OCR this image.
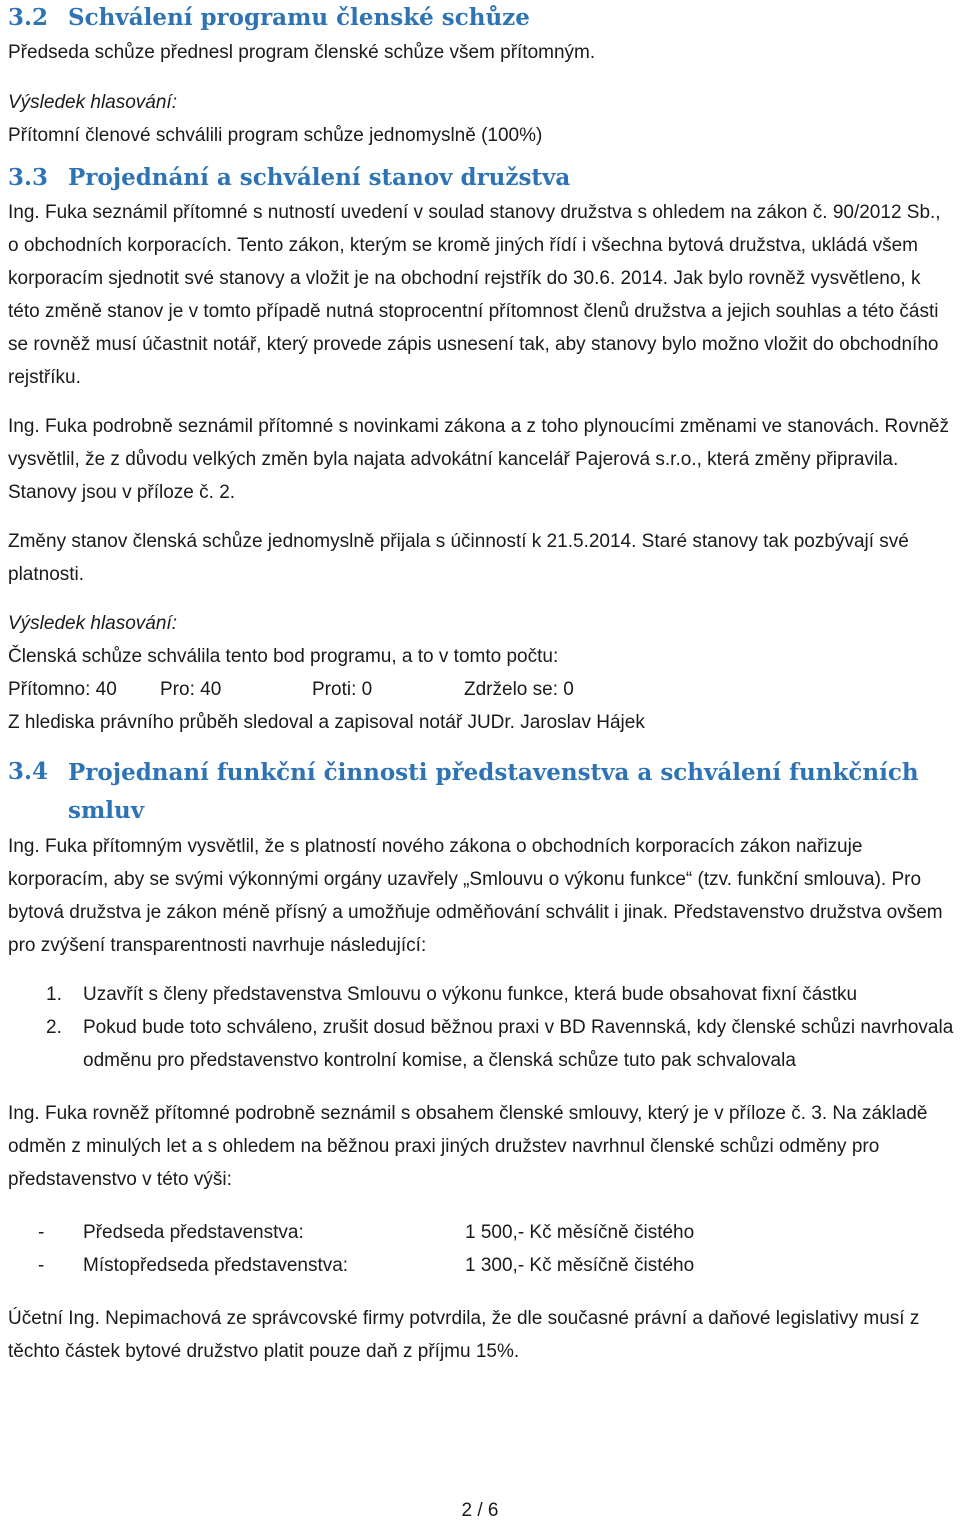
3.2 Schválení programu členské schůze

Předseda schůze přednesl program členské schůze všem přítomným.

Výsledek hlasování:

Přítomní členové schválili program schůze jednomyslně (100%)

3.3 Projednání a schválení stanov družstva

Ing. Fuka seznámil přítomné s nutností uvedení v soulad stanovy družstva s ohledem na zákon č. 90/2012 Sb., o obchodních korporacích. Tento zákon, kterým se kromě jiných řídí i všechna bytová družstva, ukládá všem korporacím sjednotit své stanovy a vložit je na obchodní rejstřík do 30.6. 2014. Jak bylo rovněž vysvětleno, k této změně stanov je v tomto případě nutná stoprocentní přítomnost členů družstva a jejich souhlas a této části se rovněž musí účastnit notář, který provede zápis usnesení tak, aby stanovy bylo možno vložit do obchodního rejstříku.

Ing. Fuka podrobně seznámil přítomné s novinkami zákona a z toho plynoucími změnami ve stanovách. Rovněž vysvětlil, že z důvodu velkých změn byla najata advokátní kancelář Pajerová s.r.o., která změny připravila. Stanovy jsou v příloze č. 2.

Změny stanov členská schůze jednomyslně přijala s účinností k 21.5.2014. Staré stanovy tak pozbývají své platnosti.

Výsledek hlasování:

Členská schůze schválila tento bod programu, a to v tomto počtu:

Přítomno: 40	Pro: 40	Proti: 0	Zdrželo se: 0

Z hlediska právního průběh sledoval a zapisoval notář JUDr. Jaroslav Hájek

3.4 Projednaní funkční činnosti představenstva a schválení funkčních smluv

Ing. Fuka přítomným vysvětlil, že s platností nového zákona o obchodních korporacích zákon nařizuje korporacím, aby se svými výkonnými orgány uzavřely „Smlouvu o výkonu funkce“ (tzv. funkční smlouva). Pro bytová družstva je zákon méně přísný a umožňuje odměňování schválit i jinak. Představenstvo družstva ovšem pro zvýšení transparentnosti navrhuje následující:

1.	Uzavřít s členy představenstva Smlouvu o výkonu funkce, která bude obsahovat fixní částku
2.	Pokud bude toto schváleno, zrušit dosud běžnou praxi v BD Ravennská, kdy členské schůzi navrhovala odměnu pro představenstvo kontrolní komise, a členská schůze tuto pak schvalovala

Ing. Fuka rovněž přítomné podrobně seznámil s obsahem členské smlouvy, který je v příloze č. 3. Na základě odměn z minulých let a s ohledem na běžnou praxi jiných družstev navrhnul členské schůzi odměny pro představenstvo v této výši:

-	Předseda představenstva:	1 500,- Kč měsíčně čistého
-	Místopředseda představenstva:	1 300,- Kč měsíčně čistého

Účetní Ing. Nepimachová ze správcovské firmy potvrdila, že dle současné právní a daňové legislativy musí z těchto částek bytové družstvo platit pouze daň z příjmu 15%.

2 / 6
